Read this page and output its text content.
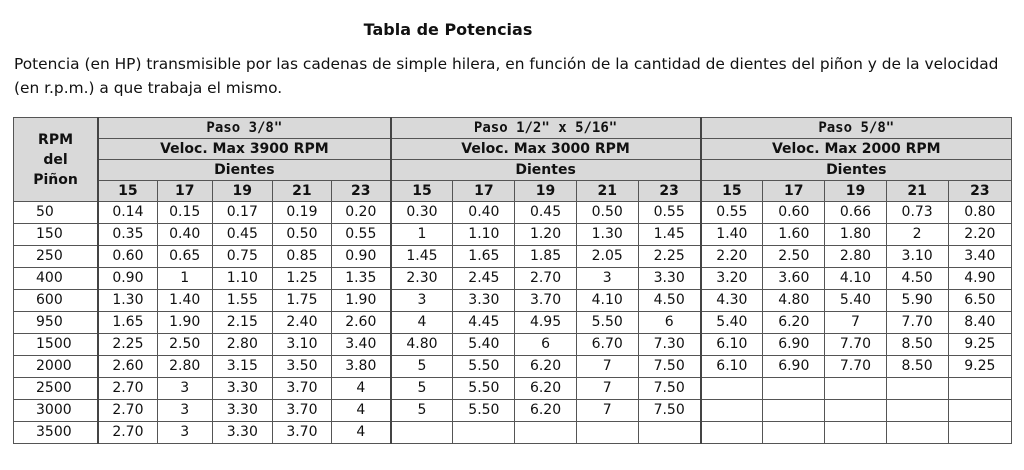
Tabla de Potencias
Potencia (en HP) transmisible por las cadenas de simple hilera, en función de la cantidad de dientes del piñon y de la velocidad (en r.p.m.) a que trabaja el mismo.
RPM
del
Piñon	Paso 3/8"					Paso 1/2" x 5/16"					Paso 5/8"				
	Veloc. Max 3900 RPM					Veloc. Max 3000 RPM					Veloc. Max 2000 RPM				
	Dientes					Dientes					Dientes				
	15	17	19	21	23	15	17	19	21	23	15	17	19	21	23
50	0.14	0.15	0.17	0.19	0.20	0.30	0.40	0.45	0.50	0.55	0.55	0.60	0.66	0.73	0.80
150	0.35	0.40	0.45	0.50	0.55	1	1.10	1.20	1.30	1.45	1.40	1.60	1.80	2	2.20
250	0.60	0.65	0.75	0.85	0.90	1.45	1.65	1.85	2.05	2.25	2.20	2.50	2.80	3.10	3.40
400	0.90	1	1.10	1.25	1.35	2.30	2.45	2.70	3	3.30	3.20	3.60	4.10	4.50	4.90
600	1.30	1.40	1.55	1.75	1.90	3	3.30	3.70	4.10	4.50	4.30	4.80	5.40	5.90	6.50
950	1.65	1.90	2.15	2.40	2.60	4	4.45	4.95	5.50	6	5.40	6.20	7	7.70	8.40
1500	2.25	2.50	2.80	3.10	3.40	4.80	5.40	6	6.70	7.30	6.10	6.90	7.70	8.50	9.25
2000	2.60	2.80	3.15	3.50	3.80	5	5.50	6.20	7	7.50	6.10	6.90	7.70	8.50	9.25
2500	2.70	3	3.30	3.70	4	5	5.50	6.20	7	7.50					
3000	2.70	3	3.30	3.70	4	5	5.50	6.20	7	7.50					
3500	2.70	3	3.30	3.70	4										
